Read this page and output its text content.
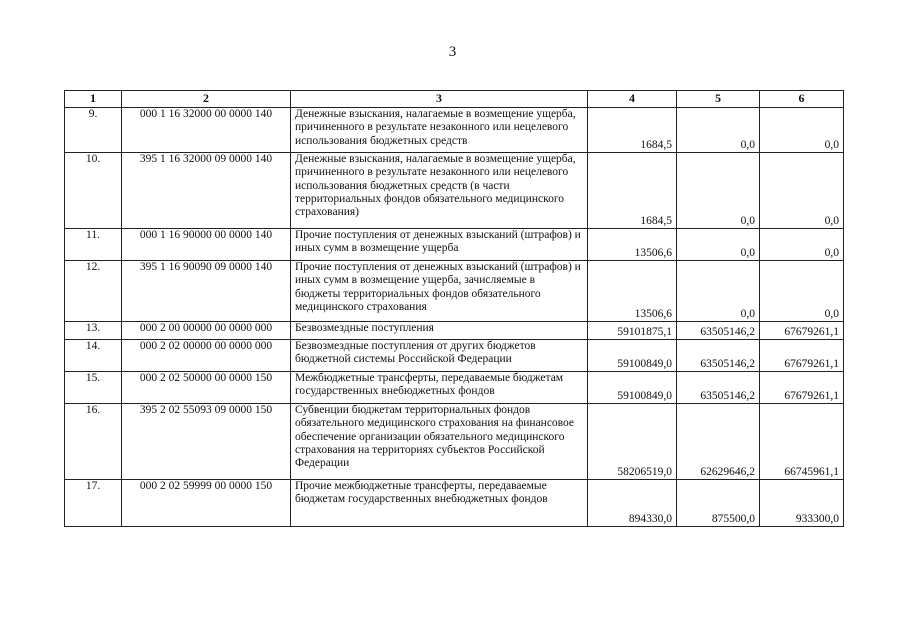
3
1	2	3	4	5	6
9.	000 1 16 32000 00 0000 140	Денежные взыскания, налагаемые в возмещение ущерба, причиненного в результате незаконного или нецелевого использования бюджетных средств	1684,5	0,0	0,0
10.	395 1 16 32000 09 0000 140	Денежные взыскания, налагаемые в возмещение ущерба, причиненного в результате незаконного или нецелевого использования бюджетных средств (в части территориальных фондов обязательного медицинского страхования)	1684,5	0,0	0,0
11.	000 1 16 90000 00 0000 140	Прочие поступления от денежных взысканий (штрафов) и иных сумм в возмещение ущерба	13506,6	0,0	0,0
12.	395 1 16 90090 09 0000 140	Прочие поступления от денежных взысканий (штрафов) и иных сумм в возмещение ущерба, зачисляемые в бюджеты территориальных фондов обязательного медицинского страхования	13506,6	0,0	0,0
13.	000 2 00 00000 00 0000 000	Безвозмездные поступления	59101875,1	63505146,2	67679261,1
14.	000 2 02 00000 00 0000 000	Безвозмездные поступления от других бюджетов бюджетной системы Российской Федерации	59100849,0	63505146,2	67679261,1
15.	000 2 02 50000 00 0000 150	Межбюджетные трансферты, передаваемые бюджетам государственных внебюджетных фондов	59100849,0	63505146,2	67679261,1
16.	395 2 02 55093 09 0000 150	Субвенции бюджетам территориальных фондов обязательного медицинского страхования на финансовое обеспечение организации обязательного медицинского страхования на территориях субъектов Российской Федерации	58206519,0	62629646,2	66745961,1
17.	000 2 02 59999 00 0000 150	Прочие межбюджетные трансферты, передаваемые бюджетам государственных внебюджетных фондов	894330,0	875500,0	933300,0
